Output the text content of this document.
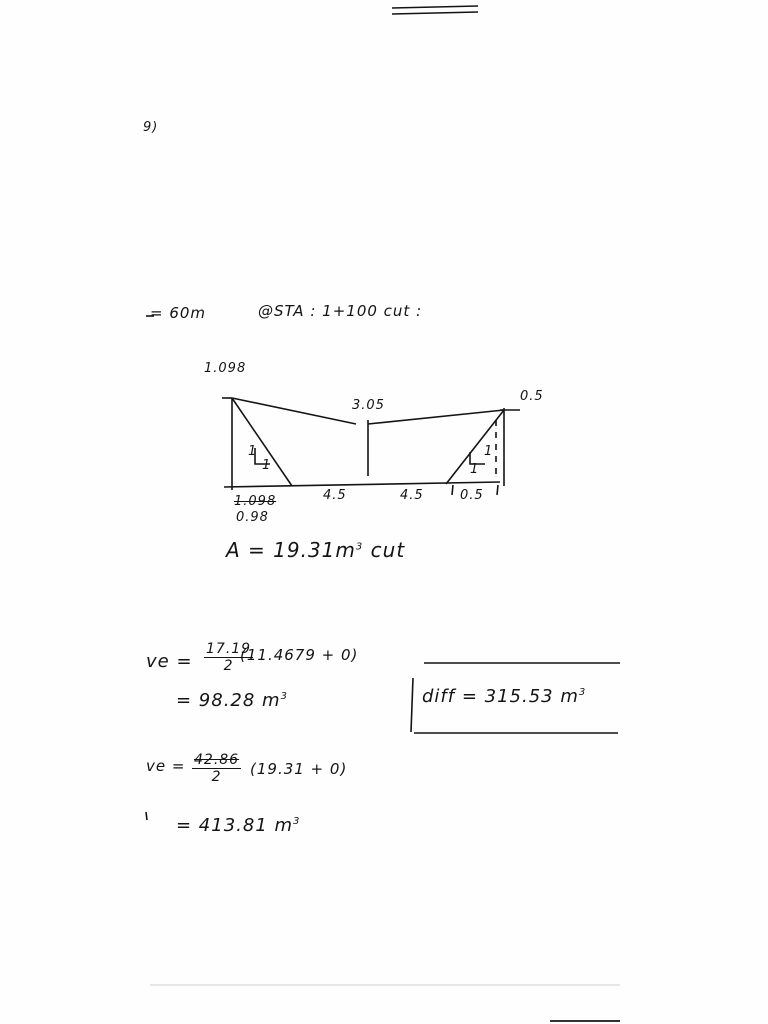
9)
= 60m	@STA : 1+100 cut :
1.098
3.05
0.5
1.098
0.98
4.5	4.5	0.5
1
1
1
1
$A = 19.31m^3$ cut
ve = $\frac{17.19}{2}$
(11.4679 + 0)
= 98.28 $m^3$	diff = 315.53 $m^3$
ve = $\frac{42.86}{2} (19.31 + 0)$
= 413.81 $m^3$
